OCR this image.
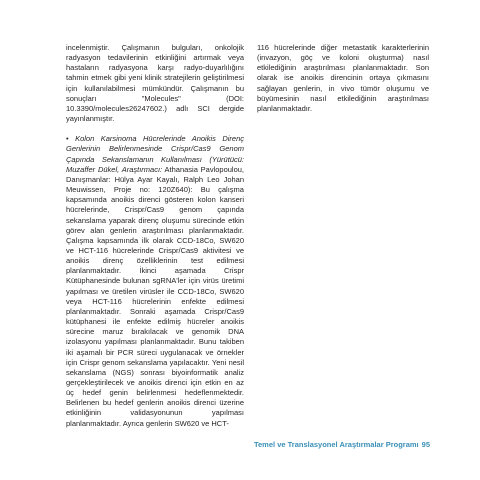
incelenmiştir. Çalışmanın bulguları, onkolojik radyasyon tedavilerinin etkinliğini artırmak veya hastaların radyasyona karşı radyo-duyarlılığını tahmin etmek gibi yeni klinik stratejilerin geliştirilmesi için kullanılabilmesi mümkündür. Çalışmanın bu sonuçları "Molecules" (DOI: 10.3390/molecules26247602.) adlı SCI dergide yayınlanmıştır.

• Kolon Karsinoma Hücrelerinde Anoikis Direnç Genlerinin Belirlenmesinde Crispr/Cas9 Genom Çapında Sekanslamanın Kullanılması (Yürütücü: Muzaffer Dükel, Araştırmacı: Athanasia Pavlopoulou, Danışmanlar: Hülya Ayar Kayalı, Ralph Leo Johan Meuwissen, Proje no: 120Z640): Bu çalışma kapsamında anoikis direnci gösteren kolon kanseri hücrelerinde, Crispr/Cas9 genom çapında sekanslama yaparak direnç oluşumu sürecinde etkin görev alan genlerin araştırılması planlanmaktadır. Çalışma kapsamında ilk olarak CCD-18Co, SW620 ve HCT-116 hücrelerinde Crispr/Cas9 aktivitesi ve anoikis direnç özelliklerinin test edilmesi planlanmaktadır. İkinci aşamada Crispr Kütüphanesinde bulunan sgRNA'ler için virüs üretimi yapılması ve üretilen virüsler ile CCD-18Co, SW620 veya HCT-116 hücrelerinin enfekte edilmesi planlanmaktadır. Sonraki aşamada Crispr/Cas9 kütüphanesi ile enfekte edilmiş hücreler anoikis sürecine maruz bırakılacak ve genomik DNA izolasyonu yapılması planlanmaktadır. Bunu takiben iki aşamalı bir PCR süreci uygulanacak ve örnekler için Crispr genom sekanslama yapılacaktır. Yeni nesil sekanslama (NGS) sonrası biyoinformatik analiz gerçekleştirilecek ve anoikis direnci için etkin en az üç hedef genin belirlenmesi hedeflenmektedir. Belirlenen bu hedef genlerin anoikis direnci üzerine etkinliğinin validasyonunun yapılması planlanmaktadır. Ayrıca genlerin SW620 ve HCT-

116 hücrelerinde diğer metastatik karakterlerinin (invazyon, göç ve koloni oluşturma) nasıl etkilediğinin araştırılması planlanmaktadır. Son olarak ise anoikis direncinin ortaya çıkmasını sağlayan genlerin, in vivo tümör oluşumu ve büyümesinin nasıl etkilediğinin araştırılması planlanmaktadır.

Temel ve Translasyonel Araştırmalar Programı 95
